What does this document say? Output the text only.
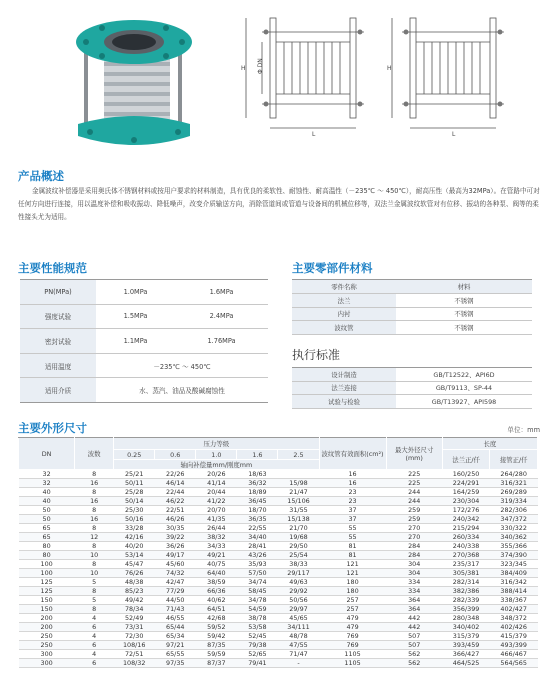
H Φ DN
L
H
L
产品概述

金属波纹补偿器是采用奥氏体不锈钢材料或按用户要求的材料制造，具有优良的柔软性、耐蚀性、耐高温性（－235℃ ～ 450℃），耐高压性（最高为32MPa）。在管路中可对任何方向进行连接，用以温度补偿和吸收振动、降低噪声，改变介质输送方向，消除管道间或管道与设备间的机械位移等，双法兰金属波纹软管对有位移、振动的各种泵、阀等的柔性接头尤为适用。

主要性能规范
PN(MPa)	1.0MPa	1.6MPa
强度试验	1.5MPa	2.4MPa
密封试验	1.1MPa	1.76MPa
适用温度	－235℃ ～ 450℃	
适用介质	水、蒸汽、油品及酸碱腐蚀性	
主要零部件材料
零件名称	材料
法兰	不锈钢
内衬	不锈钢
波纹管	不锈钢
执行标准
设计制造	GB/T12522、API6D
法兰连接	GB/T9113、SP-44
试验与检验	GB/T13927、API598
主要外形尺寸	单位：mm
DN	波数	压力等级					波纹管有效面积(cm²)	最大外径尺寸(mm)	长度	
		0.25	0.6	1.0	1.6	2.5			法兰正/仟	接管正/仟
		轴向补偿量mm/刚度mm								
32	8	25/21	22/26	20/26	18/63		16	225	160/250	264/280
32	16	50/11	46/14	41/14	36/32	15/98	16	225	224/291	316/321
40	8	25/28	22/44	20/44	18/89	21/47	23	244	164/259	269/289
40	16	50/14	46/22	41/22	36/45	15/106	23	244	230/304	319/334
50	8	25/30	22/51	20/70	18/70	31/55	37	259	172/276	282/306
50	16	50/16	46/26	41/35	36/35	15/138	37	259	240/342	347/372
65	8	33/28	30/35	26/44	22/55	21/70	55	270	215/294	330/322
65	12	42/16	39/22	38/32	34/40	19/68	55	270	260/334	340/362
80	8	40/20	36/26	34/33	28/41	29/50	81	284	240/338	355/366
80	10	53/14	49/17	49/21	43/26	25/54	81	284	270/368	374/390
100	8	45/47	45/60	40/75	35/93	38/33	121	304	235/317	323/345
100	10	76/26	74/32	64/40	57/50	29/117	121	304	305/381	384/409
125	5	48/38	42/47	38/59	34/74	49/63	180	334	282/314	316/342
125	8	85/23	77/29	66/36	58/45	29/92	180	334	382/386	388/414
150	5	49/42	44/50	40/62	34/78	50/56	257	364	282/339	338/367
150	8	78/34	71/43	64/51	54/59	29/97	257	364	356/399	402/427
200	4	52/49	46/55	42/68	38/78	45/65	479	442	280/348	348/372
200	6	73/31	65/44	59/52	53/58	34/111	479	442	340/402	402/426
250	4	72/30	65/34	59/42	52/45	48/78	769	507	315/379	415/379
250	6	108/16	97/21	87/35	79/38	47/55	769	507	393/459	493/399
300	4	72/51	65/55	59/59	52/65	71/47	1105	562	366/427	466/467
300	6	108/32	97/35	87/37	79/41	-	1105	562	464/525	564/565
